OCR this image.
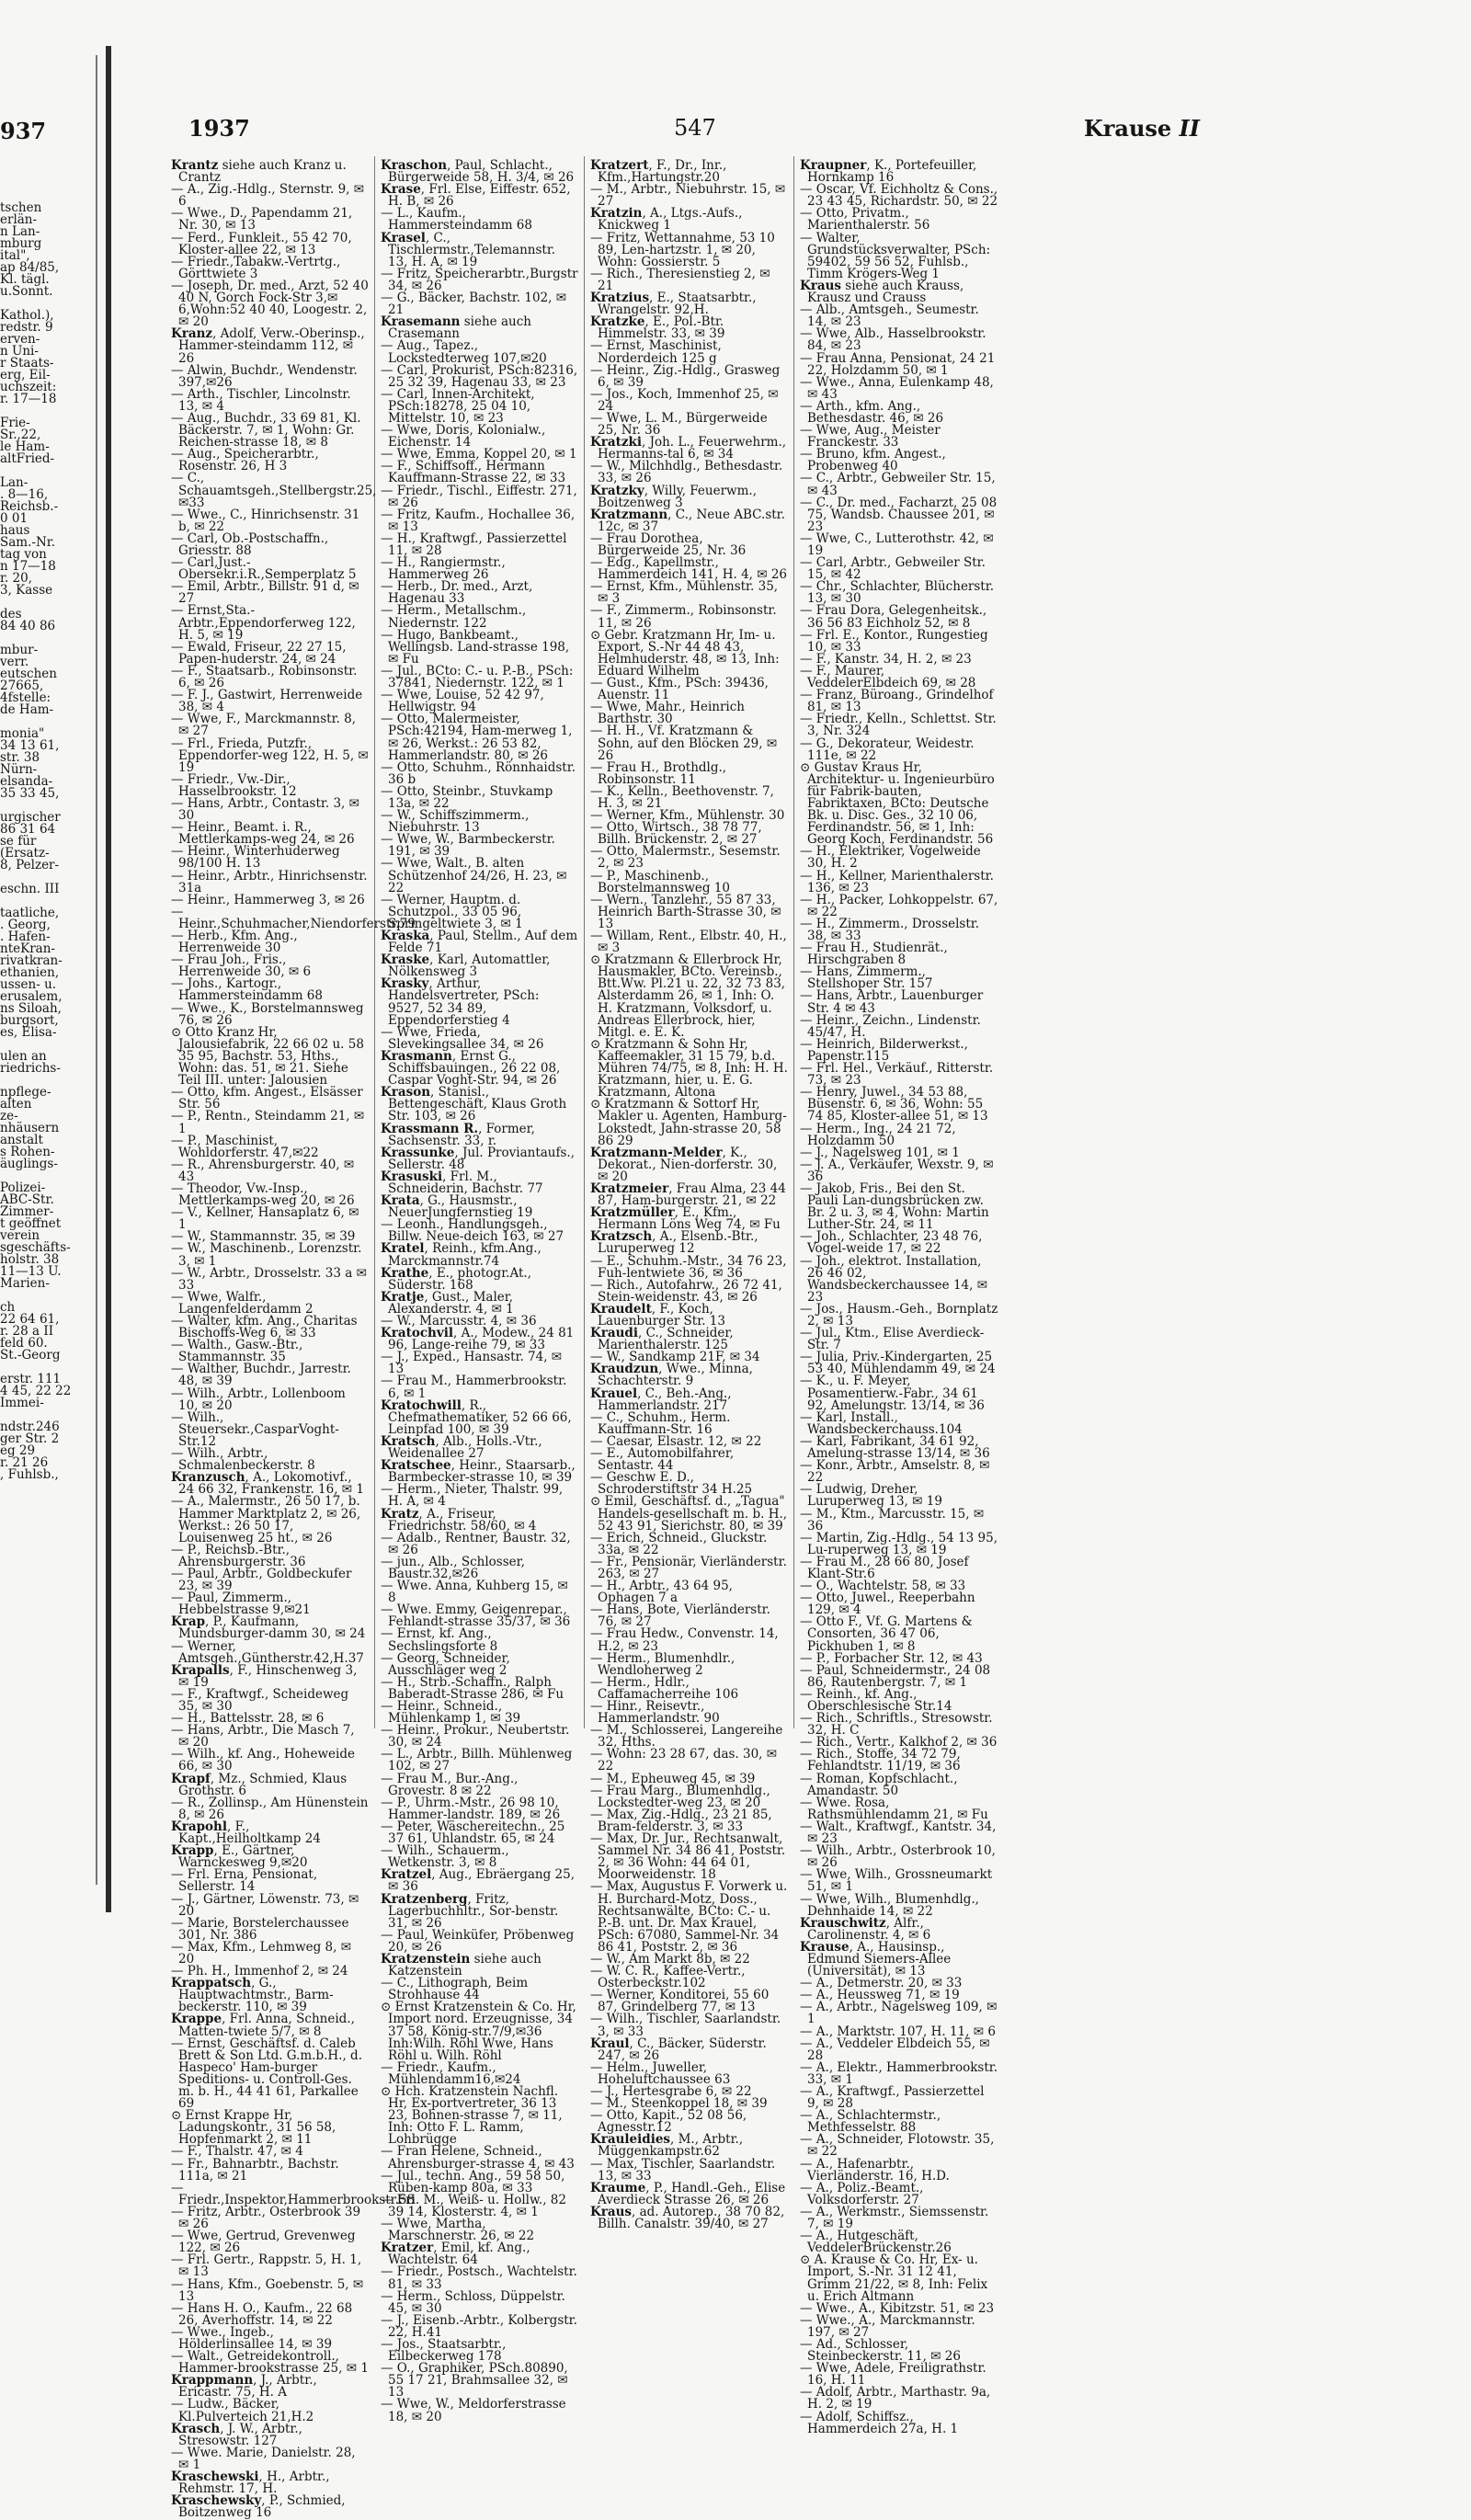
937
tschen
erlän-
n Lan-
mburg
ital",
ap 84/85,
Kl. tägl.
u.Sonnt.

Kathol.),
redstr. 9
erven-
n Uni-
r Staats-
erg, Eil-
uchszeit:
r. 17—18

Frie-
Sr.,22,
le Ham-
altFried-

Lan-
. 8—16,
Reichsb.-
0 01
haus
Sam.-Nr.
tag von
n 17—18
r. 20,
3, Kasse

des
84 40 86

mbur-
verr.
eutschen
27665,
4fstelle:
de Ham-

monia"
34 13 61,
str. 38
Nürn-
elsanda-
35 33 45,

urgischer
86 31 64
se für
(Ersatz-
8, Pelzer-

eschn. III

taatliche,
. Georg,
. Hafen-
nteKran-
rivatkran-
ethanien,
ussen- u.
erusalem,
ns Siloah,
burgsort,
es, Elisa-

ulen an
riedrichs-

npflege-
alten
ze-
nhäusern
anstalt
s Rohen-
äuglings-

Polizei-
ABC-Str.
Zimmer-
t geöffnet
verein
sgeschäfts-
holstr. 38
11—13 U.
Marien-

ch
22 64 61,
r. 28 a II
feld 60.
St.-Georg

erstr. 111
4 45, 22 22
Immei-

ndstr.246
ger Str. 2
eg 29
r. 21 26
, Fuhlsb.,
1937	547	Krause II

Krantz siehe auch Kranz u. Crantz

— A., Zig.-Hdlg., Sternstr. 9, ✉ 6

— Wwe., D., Papendamm 21, Nr. 30, ✉ 13

— Ferd., Funkleit., 55 42 70, Kloster-allee 22, ✉ 13

— Friedr.,Tabakw.-Vertrtg., Görttwiete 3

— Joseph, Dr. med., Arzt, 52 40 40 N, Gorch Fock-Str 3,✉6,Wohn:52 40 40, Loogestr. 2, ✉ 20

Kranz, Adolf, Verw.-Oberinsp., Hammer-steindamm 112, ✉ 26

— Alwin, Buchdr., Wendenstr. 397,✉26

— Arth., Tischler, Lincolnstr. 13, ✉ 4

— Aug., Buchdr., 33 69 81, Kl. Bäckerstr. 7, ✉ 1, Wohn: Gr. Reichen-strasse 18, ✉ 8

— Aug., Speicherarbtr., Rosenstr. 26, H 3

— C., Schauamtsgeh.,Stellbergstr.25,✉33

— Wwe., C., Hinrichsenstr. 31 b, ✉ 22

— Carl, Ob.-Postschaffn., Griesstr. 88

— Carl,Just.-Obersekr.i.R.,Semperplatz 5

— Emil, Arbtr., Billstr. 91 d, ✉ 27

— Ernst,Sta.-Arbtr.,Eppendorferweg 122, H. 5, ✉ 19

— Ewald, Friseur, 22 27 15, Papen-huderstr. 24, ✉ 24

— F., Staatsarb., Robinsonstr. 6, ✉ 26

— F. J., Gastwirt, Herrenweide 38, ✉ 4

— Wwe, F., Marckmannstr. 8, ✉ 27

— Frl., Frieda, Putzfr., Eppendorfer-weg 122, H. 5, ✉ 19

— Friedr., Vw.-Dir., Hasselbrookstr. 12

— Hans, Arbtr., Contastr. 3, ✉ 30

— Heinr., Beamt. i. R., Mettlerkamps-weg 24, ✉ 26

— Heinr., Winterhuderweg 98/100 H. 13

— Heinr., Arbtr., Hinrichsenstr. 31a

— Heinr., Hammerweg 3, ✉ 26

— Heinr.,Schuhmacher,Niendorferstr.79

— Herb., Kfm. Ang., Herrenweide 30

— Frau Joh., Fris., Herrenweide 30, ✉ 6

— Johs., Kartogr., Hammersteindamm 68

— Wwe., K., Borstelmannsweg 76, ✉ 26

⊙ Otto Kranz Hr, Jalousiefabrik, 22 66 02 u. 58 35 95, Bachstr. 53, Hths., Wohn: das. 51, ✉ 21. Siehe Teil III. unter: Jalousien

— Otto, kfm. Angest., Elsässer Str. 56

— P., Rentn., Steindamm 21, ✉ 1

— P., Maschinist, Wohldorferstr. 47,✉22

— R., Ahrensburgerstr. 40, ✉ 43

— Theodor, Vw.-Insp., Mettlerkamps-weg 20, ✉ 26

— V., Kellner, Hansaplatz 6, ✉ 1

— W., Stammannstr. 35, ✉ 39

— W., Maschinenb., Lorenzstr. 3, ✉ 1

— W., Arbtr., Drosselstr. 33 a ✉ 33

— Wwe, Walfr., Langenfelderdamm 2

— Walter, kfm. Ang., Charitas Bischoffs-Weg 6, ✉ 33

— Walth., Gasw.-Btr., Stammannstr. 35

— Walther, Buchdr., Jarrestr. 48, ✉ 39

— Wilh., Arbtr., Lollenboom 10, ✉ 20

— Wilh., Steuersekr.,CasparVoght-Str.12

— Wilh., Arbtr., Schmalenbeckerstr. 8

Kranzusch, A., Lokomotivf., 24 66 32, Frankenstr. 16, ✉ 1

— A., Malermstr., 26 50 17, b. Hammer Marktplatz 2, ✉ 26, Werkst.: 26 50 17, Louisenweg 25 ht., ✉ 26

— P., Reichsb.-Btr., Ahrensburgerstr. 36

— Paul, Arbtr., Goldbeckufer 23, ✉ 39

— Paul, Zimmerm., Hebbelstrasse 9,✉21

Krap, P., Kaufmann, Mundsburger-damm 30, ✉ 24

— Werner, Amtsgeh.,Güntherstr.42,H.37

Krapalls, F., Hinschenweg 3, ✉ 19

— F., Kraftwgf., Scheideweg 35, ✉ 30

— H., Battelsstr. 28, ✉ 6

— Hans, Arbtr., Die Masch 7, ✉ 20

— Wilh., kf. Ang., Hoheweide 66, ✉ 30

Krapf, Mz., Schmied, Klaus Grothstr. 6

— R., Zollinsp., Am Hünenstein 8, ✉ 26

Krapohl, F., Kapt.,Heilholtkamp 24

Krapp, E., Gärtner, Warnckesweg 9,✉20

— Frl. Erna, Pensionat, Sellerstr. 14

— J., Gärtner, Löwenstr. 73, ✉ 20

— Marie, Borstelerchaussee 301, Nr. 386

— Max, Kfm., Lehmweg 8, ✉ 20

— Ph. H., Immenhof 2, ✉ 24

Krappatsch, G., Hauptwachtmstr., Barm-beckerstr. 110, ✉ 39

Krappe, Frl. Anna, Schneid., Matten-twiete 5/7, ✉ 8

— Ernst, Geschäftsf. d. Caleb Brett & Son Ltd. G.m.b.H., d. Haspeco' Ham-burger Speditions- u. Controll-Ges. m. b. H., 44 41 61, Parkallee 69

⊙ Ernst Krappe Hr, Ladungskontr., 31 56 58, Hopfenmarkt 2, ✉ 11

— F., Thalstr. 47, ✉ 4

— Fr., Bahnarbtr., Bachstr. 111a, ✉ 21

— Friedr.,Inspektor,Hammerbrookstr.58

— Fritz, Arbtr., Osterbrook 39 ✉ 26

— Wwe, Gertrud, Grevenweg 122, ✉ 26

— Frl. Gertr., Rappstr. 5, H. 1, ✉ 13

— Hans, Kfm., Goebenstr. 5, ✉ 13

— Hans H. O., Kaufm., 22 68 26, Averhoffstr. 14, ✉ 22

— Wwe., Ingeb., Hölderlinsallee 14, ✉ 39

— Walt., Getreidekontroll., Hammer-brookstrasse 25, ✉ 1

Krappmann, J., Arbtr., Ericastr. 75, H. A

— Ludw., Bäcker, Kl.Pulverteich 21,H.2

Krasch, J. W., Arbtr., Stresowstr. 127

— Wwe. Marie, Danielstr. 28, ✉ 1

Kraschewski, H., Arbtr., Rehmstr. 17, H.

Kraschewsky, P., Schmied, Boitzenweg 16

Kraschon, Paul, Schlacht., Bürgerweide 58, H. 3/4, ✉ 26

Krase, Frl. Else, Eiffestr. 652, H. B, ✉ 26

— L., Kaufm., Hammersteindamm 68

Krasel, C., Tischlermstr.,Telemannstr. 13, H. A, ✉ 19

— Fritz, Speicherarbtr.,Burgstr 34, ✉ 26

— G., Bäcker, Bachstr. 102, ✉ 21

Krasemann siehe auch Crasemann

— Aug., Tapez., Lockstedterweg 107,✉20

— Carl, Prokurist, PSch:82316, 25 32 39, Hagenau 33, ✉ 23

— Carl, Innen-Architekt, PSch:18278, 25 04 10, Mittelstr. 10, ✉ 23

— Wwe, Doris, Kolonialw., Eichenstr. 14

— Wwe, Emma, Koppel 20, ✉ 1

— F., Schiffsoff., Hermann Kauffmann-Strasse 22, ✉ 33

— Friedr., Tischl., Eiffestr. 271, ✉ 26

— Fritz, Kaufm., Hochallee 36, ✉ 13

— H., Kraftwgf., Passierzettel 11, ✉ 28

— H., Rangiermstr., Hammerweg 26

— Herb., Dr. med., Arzt, Hagenau 33

— Herm., Metallschm., Niedernstr. 122

— Hugo, Bankbeamt., Wellingsb. Land-strasse 198, ✉ Fu

— Jul., BCto: C.- u. P.-B., PSch: 37841, Niedernstr. 122, ✉ 1

— Wwe, Louise, 52 42 97, Hellwigstr. 94

— Otto, Malermeister, PSch:42194, Ham-merweg 1, ✉ 26, Werkst.: 26 53 82, Hammerlandstr. 80, ✉ 26

— Otto, Schuhm., Rönnhaidstr. 36 b

— Otto, Steinbr., Stuvkamp 13a, ✉ 22

— W., Schiffszimmerm., Niebuhrstr. 13

— Wwe, W., Barmbeckerstr. 191, ✉ 39

— Wwe, Walt., B. alten Schützenhof 24/26, H. 23, ✉ 22

— Werner, Hauptm. d. Schutzpol., 33 05 96, Springeltwiete 3, ✉ 1

Kraska, Paul, Stellm., Auf dem Felde 71

Kraske, Karl, Automattler, Nölkensweg 3

Krasky, Arthur, Handelsvertreter, PSch: 9527, 52 34 89, Eppendorferstieg 4

— Wwe, Frieda, Slevekingsallee 34, ✉ 26

Krasmann, Ernst G., Schiffsbauingen., 26 22 08, Caspar Voght-Str. 94, ✉ 26

Krason, Stanisl., Bettengeschäft, Klaus Groth Str. 103, ✉ 26

Krassmann R., Former, Sachsenstr. 33, r.

Krassunke, Jul. Proviantaufs., Sellerstr. 48

Krasuski, Frl. M., Schneiderin, Bachstr. 77

Krata, G., Hausmstr., NeuerJungfernstieg 19

— Leonh., Handlungsgeh., Billw. Neue-deich 163, ✉ 27

Kratel, Reinh., kfm.Ang., Marckmannstr.74

Krathe, E., photogr.At., Süderstr. 168

Kratje, Gust., Maler, Alexanderstr. 4, ✉ 1

— W., Marcusstr. 4, ✉ 36

Kratochvil, A., Modew., 24 81 96, Lange-reihe 79, ✉ 33

— J., Exped., Hansastr. 74, ✉ 13

— Frau M., Hammerbrookstr. 6, ✉ 1

Kratochwill, R., Chefmathematiker, 52 66 66, Leinpfad 100, ✉ 39

Kratsch, Alb., Holls.-Vtr., Weidenallee 27

Kratschee, Heinr., Staarsarb., Barmbecker-strasse 10, ✉ 39

— Herm., Nieter, Thalstr. 99, H. A, ✉ 4

Kratz, A., Friseur, Friedrichstr. 58/60, ✉ 4

— Adalb., Rentner, Baustr. 32, ✉ 26

— jun., Alb., Schlosser, Baustr.32,✉26

— Wwe. Anna, Kuhberg 15, ✉ 8

— Wwe. Emmy, Geigenrepar., Fehlandt-strasse 35/37, ✉ 36

— Ernst, kf. Ang., Sechslingsforte 8

— Georg, Schneider, Ausschläger weg 2

— H., Strb.-Schaffn., Ralph Baberadt-Strasse 286, ✉ Fu

— Heinr., Schneid., Mühlenkamp 1, ✉ 39

— Heinr., Prokur., Neubertstr. 30, ✉ 24

— L., Arbtr., Billh. Mühlenweg 102, ✉ 27

— Frau M., Bur.-Ang., Grovestr. 8 ✉ 22

— P., Uhrm.-Mstr., 26 98 10, Hammer-landstr. 189, ✉ 26

— Peter, Wäschereitechn., 25 37 61, Uhlandstr. 65, ✉ 24

— Wilh., Schauerm., Wetkenstr. 3, ✉ 8

Kratzel, Aug., Ebräergang 25, ✉ 36

Kratzenberg, Fritz, Lagerbuchhltr., Sor-benstr. 31, ✉ 26

— Paul, Weinküfer, Pröbenweg 20, ✉ 26

Kratzenstein siehe auch Katzenstein

— C., Lithograph, Beim Strohhause 44

⊙ Ernst Kratzenstein & Co. Hr, Import nord. Erzeugnisse, 34 37 58, König-str.7/9,✉36 Inh:Wilh. Röhl Wwe, Hans Röhl u. Wilh. Röhl

— Friedr., Kaufm., Mühlendamm16,✉24

⊙ Hch. Kratzenstein Nachfl. Hr, Ex-portvertreter, 36 13 23, Bohnen-strasse 7, ✉ 11, Inh: Otto F. L. Ramm, Lohbrügge

— Fran Helene, Schneid., Ahrensburger-strasse 4, ✉ 43

— Jul., techn. Ang., 59 58 50, Rüben-kamp 80a, ✉ 33

— Fri. M., Weiß- u. Hollw., 82 39 14, Klosterstr. 4, ✉ 1

— Wwe, Martha, Marschnerstr. 26, ✉ 22

Kratzer, Emil, kf. Ang., Wachtelstr. 64

— Friedr., Postsch., Wachtelstr. 81, ✉ 33

— Herm., Schloss, Düppelstr. 45, ✉ 30

— J., Eisenb.-Arbtr., Kolbergstr. 22, H.41

— Jos., Staatsarbtr., Eilbeckerweg 178

— O., Graphiker, PSch.80890, 55 17 21, Brahmsallee 32, ✉ 13

— Wwe, W., Meldorferstrasse 18, ✉ 20

Kratzert, F., Dr., Inr., Kfm.,Hartungstr.20

— M., Arbtr., Niebuhrstr. 15, ✉ 27

Kratzin, A., Ltgs.-Aufs., Knickweg 1

— Fritz, Wettannahme, 53 10 89, Len-hartzstr. 1, ✉ 20, Wohn: Gossierstr. 5

— Rich., Theresienstieg 2, ✉ 21

Kratzius, E., Staatsarbtr., Wrangelstr. 92,H.

Kratzke, E., Pol.-Btr. Himmelstr. 33, ✉ 39

— Ernst, Maschinist, Norderdeich 125 g

— Heinr., Zig.-Hdlg., Grasweg 6, ✉ 39

— Jos., Koch, Immenhof 25, ✉ 24

— Wwe, L. M., Bürgerweide 25, Nr. 36

Kratzki, Joh. L., Feuerwehrm., Hermanns-tal 6, ✉ 34

— W., Milchhdlg., Bethesdastr. 33, ✉ 26

Kratzky, Willy, Feuerwm., Boitzenweg 3

Kratzmann, C., Neue ABC.str. 12c, ✉ 37

— Frau Dorothea, Bürgerweide 25, Nr. 36

— Edg., Kapellmstr., Hammerdeich 141, H. 4, ✉ 26

— Ernst, Kfm., Mühlenstr. 35, ✉ 3

— F., Zimmerm., Robinsonstr. 11, ✉ 26

⊙ Gebr. Kratzmann Hr, Im- u. Export, S.-Nr 44 48 43, Helmhuderstr. 48, ✉ 13, Inh: Eduard Wilhelm

— Gust., Kfm., PSch: 39436, Auenstr. 11

— Wwe, Mahr., Heinrich Barthstr. 30

— H. H., Vf. Kratzmann & Sohn, auf den Blöcken 29, ✉ 26

— Frau H., Brothdlg., Robinsonstr. 11

— K., Kelln., Beethovenstr. 7, H. 3, ✉ 21

— Werner, Kfm., Mühlenstr. 30

— Otto, Wirtsch., 38 78 77, Billh. Brückenstr. 2, ✉ 27

— Otto, Malermstr., Sesemstr. 2, ✉ 23

— P., Maschinenb., Borstelmannsweg 10

— Wern., Tanzlehr., 55 87 33, Heinrich Barth-Strasse 30, ✉ 13

— Willam, Rent., Elbstr. 40, H., ✉ 3

⊙ Kratzmann & Ellerbrock Hr, Hausmakler, BCto. Vereinsb., Btt.Ww. Pl.21 u. 22, 32 73 83, Alsterdamm 26, ✉ 1, Inh: O. H. Kratzmann, Volksdorf, u. Andreas Ellerbrock, hier, Mitgl. e. E. K.

⊙ Kratzmann & Sohn Hr, Kaffeemakler, 31 15 79, b.d. Mühren 74/75, ✉ 8, Inh: H. H. Kratzmann, hier, u. E. G. Kratzmann, Altona

⊙ Kratzmann & Sottorf Hr, Makler u. Agenten, Hamburg-Lokstedt, Jahn-strasse 20, 58 86 29

Kratzmann-Melder, K., Dekorat., Nien-dorferstr. 30, ✉ 20

Kratzmeier, Frau Alma, 23 44 87, Ham-burgerstr. 21, ✉ 22

Kratzmüller, E., Kfm., Hermann Löns Weg 74, ✉ Fu

Kratzsch, A., Elsenb.-Btr., Luruperweg 12

— E., Schuhm.-Mstr., 34 76 23, Fuh-lentwiete 36, ✉ 36

— Rich., Autofahrw., 26 72 41, Stein-weidenstr. 43, ✉ 26

Kraudelt, F., Koch, Lauenburger Str. 13

Kraudi, C., Schneider, Marienthalerstr. 125

— W., Sandkamp 21F, ✉ 34

Kraudzun, Wwe., Minna, Schachterstr. 9

Krauel, C., Beh.-Ang., Hammerlandstr. 217

— C., Schuhm., Herm. Kauffmann-Str. 16

— Caesar, Elsastr. 12, ✉ 22

— E., Automobilfahrer, Sentastr. 44

— Geschw E. D., Schroderstiftstr 34 H.25

⊙ Emil, Geschäftsf. d., „Tagua" Handels-gesellschaft m. b. H., 52 43 91, Sierichstr. 80, ✉ 39

— Erich, Schneid., Gluckstr. 33a, ✉ 22

— Fr., Pensionär, Vierländerstr. 263, ✉ 27

— H., Arbtr., 43 64 95, Ophagen 7 a

— Hans, Bote, Vierländerstr. 76, ✉ 27

— Frau Hedw., Convenstr. 14, H.2, ✉ 23

— Herm., Blumenhdlr., Wendloherweg 2

— Herm., Hdlr., Caffamacherreihe 106

— Hinr., Reisevtr., Hammerlandstr. 90

— M., Schlosserei, Langereihe 32, Hths.

— Wohn: 23 28 67, das. 30, ✉ 22

— M., Epheuweg 45, ✉ 39

— Frau Marg., Blumenhdlg., Lockstedter-weg 23, ✉ 20

— Max, Zig.-Hdlg., 23 21 85, Bram-felderstr. 3, ✉ 33

— Max, Dr. Jur., Rechtsanwalt, Sammel Nr. 34 86 41, Poststr. 2, ✉ 36 Wohn: 44 64 01, Moorweidenstr. 18

— Max, Augustus F. Vorwerk u. H. Burchard-Motz, Doss., Rechtsanwälte, BCto: C.- u. P.-B. unt. Dr. Max Krauel, PSch: 67080, Sammel-Nr. 34 86 41, Poststr. 2, ✉ 36

— W., Am Markt 8b, ✉ 22

— W. C. R., Kaffee-Vertr., Osterbeckstr.102

— Werner, Konditorei, 55 60 87, Grindelberg 77, ✉ 13

— Wilh., Tischler, Saarlandstr. 3, ✉ 33

Kraul, C., Bäcker, Süderstr. 247, ✉ 26

— Helm., Juweller, Hoheluftchaussee 63

— J., Hertesgrabe 6, ✉ 22

— M., Steenkoppel 18, ✉ 39

— Otto, Kapit., 52 08 56, Agnesstr.12

Krauleidies, M., Arbtr., Müggenkampstr.62

— Max, Tischler, Saarlandstr. 13, ✉ 33

Kraume, P., Handl.-Geh., Elise Averdieck Strasse 26, ✉ 26

Kraus, ad. Autorep., 38 70 82, Billh. Canalstr. 39/40, ✉ 27

Kraupner, K., Portefeuiller, Hornkamp 16

— Oscar, Vf. Eichholtz & Cons., 23 43 45, Richardstr. 50, ✉ 22

— Otto, Privatm., Marienthalerstr. 56

— Walter, Grundstücksverwalter, PSch: 59402, 59 56 52, Fuhlsb., Timm Krögers-Weg 1

Kraus siehe auch Krauss, Krausz und Crauss

— Alb., Amtsgeh., Seumestr. 14, ✉ 23

— Wwe, Alb., Hasselbrookstr. 84, ✉ 23

— Frau Anna, Pensionat, 24 21 22, Holzdamm 50, ✉ 1

— Wwe., Anna, Eulenkamp 48, ✉ 43

— Arth., kfm. Ang., Bethesdastr. 46, ✉ 26

— Wwe, Aug., Meister Franckestr. 33

— Bruno, kfm. Angest., Probenweg 40

— C., Arbtr., Gebweiler Str. 15, ✉ 43

— C., Dr. med., Facharzt, 25 08 75, Wandsb. Chaussee 201, ✉ 23

— Wwe, C., Lutterothstr. 42, ✉ 19

— Carl, Arbtr., Gebweiler Str. 15, ✉ 42

— Chr., Schlachter, Blücherstr. 13, ✉ 30

— Frau Dora, Gelegenheitsk., 36 56 83 Eichholz 52, ✉ 8

— Frl. E., Kontor., Rungestieg 10, ✉ 33

— F., Kanstr. 34, H. 2, ✉ 23

— F., Maurer, VeddelerElbdeich 69, ✉ 28

— Franz, Büroang., Grindelhof 81, ✉ 13

— Friedr., Kelln., Schlettst. Str. 3, Nr. 324

— G., Dekorateur, Weidestr. 111e, ✉ 22

⊙ Gustav Kraus Hr, Architektur- u. Ingenieurbüro für Fabrik-bauten, Fabriktaxen, BCto: Deutsche Bk. u. Disc. Ges., 32 10 06, Ferdinandstr. 56, ✉ 1, Inh: Georg Koch, Ferdinandstr. 56

— H., Elektriker, Vogelweide 30, H. 2

— H., Kellner, Marienthalerstr. 136, ✉ 23

— H., Packer, Lohkoppelstr. 67, ✉ 22

— H., Zimmerm., Drosselstr. 38, ✉ 33

— Frau H., Studienrät., Hirschgraben 8

— Hans, Zimmerm., Stellshoper Str. 157

— Hans, Arbtr., Lauenburger Str. 4 ✉ 43

— Heinr., Zeichn., Lindenstr. 45/47, H.

— Heinrich, Bilderwerkst., Papenstr.115

— Frl. Hel., Verkäuf., Ritterstr. 73, ✉ 23

— Henry, Juwel., 34 53 88, Büsenstr. 6, ✉ 36, Wohn: 55 74 85, Kloster-allee 51, ✉ 13

— Herm., Ing., 24 21 72, Holzdamm 50

— J., Nagelsweg 101, ✉ 1

— J. A., Verkäufer, Wexstr. 9, ✉ 36

— Jakob, Fris., Bei den St. Pauli Lan-dungsbrücken zw. Br. 2 u. 3, ✉ 4, Wohn: Martin Luther-Str. 24, ✉ 11

— Joh., Schlachter, 23 48 76, Vogel-weide 17, ✉ 22

— Joh., elektrot. Installation, 26 46 02, Wandsbeckerchaussee 14, ✉ 23

— Jos., Hausm.-Geh., Bornplatz 2, ✉ 13

— Jul., Ktm., Elise Averdieck-Str. 7

— Julia, Priv.-Kindergarten, 25 53 40, Mühlendamm 49, ✉ 24

— K., u. F. Meyer, Posamentierw.-Fabr., 34 61 92, Amelungstr. 13/14, ✉ 36

— Karl, Install., Wandsbeckerchauss.104

— Karl, Fabrikant, 34 61 92, Amelung-strasse 13/14, ✉ 36

— Konr., Arbtr., Amselstr. 8, ✉ 22

— Ludwig, Dreher, Luruperweg 13, ✉ 19

— M., Ktm., Marcusstr. 15, ✉ 36

— Martin, Zig.-Hdlg., 54 13 95, Lu-ruperweg 13, ✉ 19

— Frau M., 28 66 80, Josef Klant-Str.6

— O., Wachtelstr. 58, ✉ 33

— Otto, Juwel., Reeperbahn 129, ✉ 4

— Otto F., Vf. G. Martens & Consorten, 36 47 06, Pickhuben 1, ✉ 8

— P., Forbacher Str. 12, ✉ 43

— Paul, Schneidermstr., 24 08 86, Rautenbergstr. 7, ✉ 1

— Reinh., kf. Ang., Oberschlesische Str.14

— Rich., Schriftls., Stresowstr. 32, H. C

— Rich., Vertr., Kalkhof 2, ✉ 36

— Rich., Stoffe, 34 72 79, Fehlandtstr. 11/19, ✉ 36

— Roman, Kopfschlacht., Amandastr. 50

— Wwe. Rosa, Rathsmühlendamm 21, ✉ Fu

— Walt., Kraftwgf., Kantstr. 34, ✉ 23

— Wilh., Arbtr., Osterbrook 10, ✉ 26

— Wwe, Wilh., Grossneumarkt 51, ✉ 1

— Wwe, Wilh., Blumenhdlg., Dehnhaide 14, ✉ 22

Krauschwitz, Alfr., Carolinenstr. 4, ✉ 6

Krause, A., Hausinsp., Edmund Siemers-Allee (Universität), ✉ 13

— A., Detmerstr. 20, ✉ 33

— A., Heussweg 71, ✉ 19

— A., Arbtr., Nagelsweg 109, ✉ 1

— A., Marktstr. 107, H. 11, ✉ 6

— A., Veddeler Elbdeich 55, ✉ 28

— A., Elektr., Hammerbrookstr. 33, ✉ 1

— A., Kraftwgf., Passierzettel 9, ✉ 28

— A., Schlachtermstr., Methfesselstr. 88

— A., Schneider, Flotowstr. 35, ✉ 22

— A., Hafenarbtr., Vierländerstr. 16, H.D.

— A., Poliz.-Beamt., Volksdorferstr. 27

— A., Werkmstr., Siemssenstr. 7, ✉ 19

— A., Hutgeschäft, VeddelerBrückenstr.26

⊙ A. Krause & Co. Hr, Ex- u. Import, S.-Nr. 31 12 41, Grimm 21/22, ✉ 8, Inh: Felix u. Erich Altmann

— Wwe., A., Kibitzstr. 51, ✉ 23

— Wwe., A., Marckmannstr. 197, ✉ 27

— Ad., Schlosser, Steinbeckerstr. 11, ✉ 26

— Wwe, Adele, Freiligrathstr. 16, H. 11

— Adolf, Arbtr., Marthastr. 9a, H. 2, ✉ 19

— Adolf, Schiffsz., Hammerdeich 27a, H. 1
